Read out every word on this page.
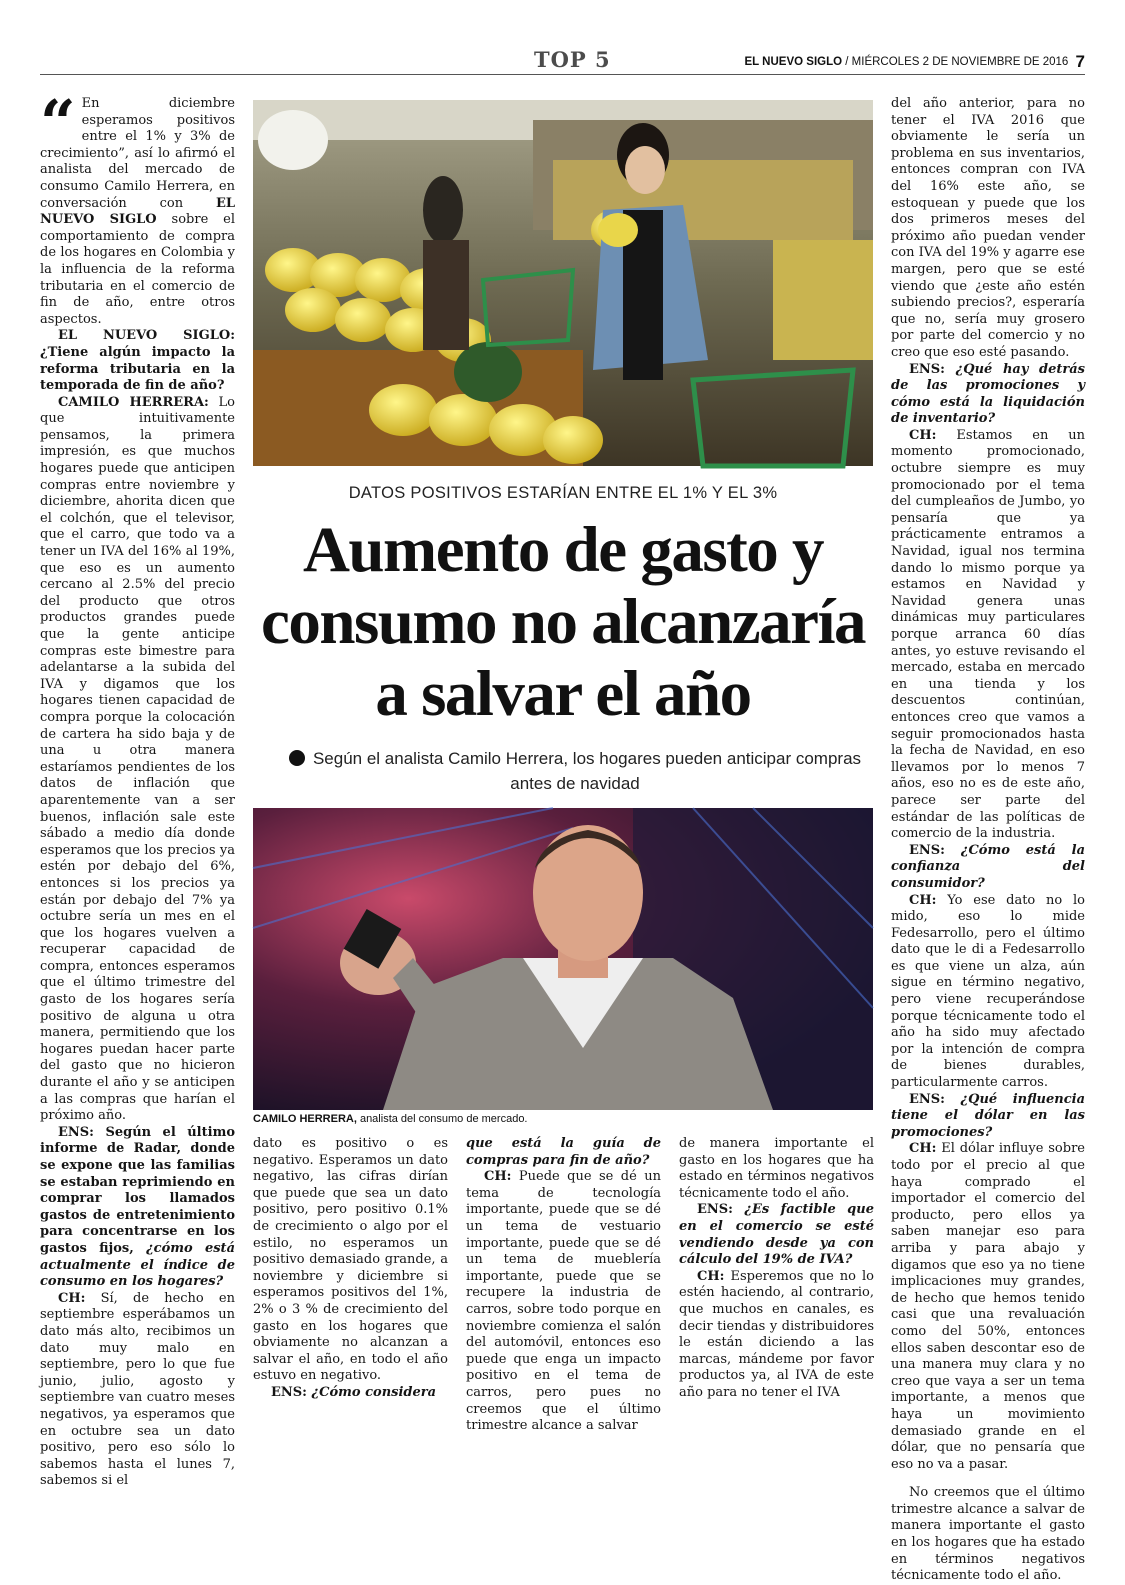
TOP 5	EL NUEVO SIGLO / MIÉRCOLES 2 DE NOVIEMBRE DE 2016 7

“ En diciembre esperamos positivos entre el 1% y 3% de crecimiento”, así lo afirmó el analista del mercado de consumo Camilo Herrera, en conversación con EL NUEVO SIGLO sobre el comportamiento de compra de los hogares en Colombia y la influencia de la reforma tributaria en el comercio de fin de año, entre otros aspectos.

EL NUEVO SIGLO: ¿Tiene algún impacto la reforma tributaria en la temporada de fin de año?

CAMILO HERRERA: Lo que intuitivamente pensamos, la primera impresión, es que muchos hogares puede que anticipen compras entre noviembre y diciembre, ahorita dicen que el colchón, que el televisor, que el carro, que todo va a tener un IVA del 16% al 19%, que eso es un aumento cercano al 2.5% del precio del producto que otros productos grandes puede que la gente anticipe compras este bimestre para adelantarse a la subida del IVA y digamos que los hogares tienen capacidad de compra porque la colocación de cartera ha sido baja y de una u otra manera estaríamos pendientes de los datos de inflación que aparentemente van a ser buenos, inflación sale este sábado a medio día donde esperamos que los precios ya estén por debajo del 6%, entonces si los precios ya están por debajo del 7% ya octubre sería un mes en el que los hogares vuelven a recuperar capacidad de compra, entonces esperamos que el último trimestre del gasto de los hogares sería positivo de alguna u otra manera, permitiendo que los hogares puedan hacer parte del gasto que no hicieron durante el año y se anticipen a las compras que harían el próximo año.

ENS: Según el último informe de Radar, donde se expone que las familias se estaban reprimiendo en comprar los llamados gastos de entretenimiento para concentrarse en los gastos fijos, ¿cómo está actualmente el índice de consumo en los hogares?

CH: Sí, de hecho en septiembre esperábamos un dato más alto, recibimos un dato muy malo en septiembre, pero lo que fue junio, julio, agosto y septiembre van cuatro meses negativos, ya esperamos que en octubre sea un dato positivo, pero eso sólo lo sabemos hasta el lunes 7, sabemos si el

DATOS POSITIVOS ESTARÍAN ENTRE EL 1% Y EL 3%
Aumento de gasto y consumo no alcanzaría a salvar el año
Según el analista Camilo Herrera, los hogares pueden anticipar compras antes de navidad
CAMILO HERRERA, analista del consumo de mercado.

dato es positivo o es negativo. Esperamos un dato negativo, las cifras dirían que puede que sea un dato positivo, pero positivo 0.1% de crecimiento o algo por el estilo, no esperamos un positivo demasiado grande, a noviembre y diciembre si esperamos positivos del 1%, 2% o 3 % de crecimiento del gasto en los hogares que obviamente no alcanzan a salvar el año, en todo el año estuvo en negativo.

ENS: ¿Cómo considera

que está la guía de compras para fin de año?

CH: Puede que se dé un tema de tecnología importante, puede que se dé un tema de vestuario importante, puede que se dé un tema de mueblería importante, puede que se recupere la industria de carros, sobre todo porque en noviembre comienza el salón del automóvil, entonces eso puede que enga un impacto positivo en el tema de carros, pero pues no creemos que el último trimestre alcance a salvar

de manera importante el gasto en los hogares que ha estado en términos negativos técnicamente todo el año.

ENS: ¿Es factible que en el comercio se esté vendiendo desde ya con cálculo del 19% de IVA?

CH: Esperemos que no lo estén haciendo, al contrario, que muchos en canales, es decir tiendas y distribuidores le están diciendo a las marcas, mándeme por favor productos ya, al IVA de este año para no tener el IVA

del año anterior, para no tener el IVA 2016 que obviamente le sería un problema en sus inventarios, entonces compran con IVA del 16% este año, se estoquean y puede que los dos primeros meses del próximo año puedan vender con IVA del 19% y agarre ese margen, pero que se esté viendo que ¿este año estén subiendo precios?, esperaría que no, sería muy grosero por parte del comercio y no creo que eso esté pasando.

ENS: ¿Qué hay detrás de las promociones y cómo está la liquidación de inventario?

CH: Estamos en un momento promocionado, octubre siempre es muy promocionado por el tema del cumpleaños de Jumbo, yo pensaría que ya prácticamente entramos a Navidad, igual nos termina dando lo mismo porque ya estamos en Navidad y Navidad genera unas dinámicas muy particulares porque arranca 60 días antes, yo estuve revisando el mercado, estaba en mercado en una tienda y los descuentos continúan, entonces creo que vamos a seguir promocionados hasta la fecha de Navidad, en eso llevamos por lo menos 7 años, eso no es de este año, parece ser parte del estándar de las políticas de comercio de la industria.

ENS: ¿Cómo está la confianza del consumidor?

CH: Yo ese dato no lo mido, eso lo mide Fedesarrollo, pero el último dato que le di a Fedesarrollo es que viene un alza, aún sigue en término negativo, pero viene recuperándose porque técnicamente todo el año ha sido muy afectado por la intención de compra de bienes durables, particularmente carros.

ENS: ¿Qué influencia tiene el dólar en las promociones?

CH: El dólar influye sobre todo por el precio al que haya comprado el importador el comercio del producto, pero ellos ya saben manejar eso para arriba y para abajo y digamos que eso ya no tiene implicaciones muy grandes, de hecho que hemos tenido casi que una revaluación como del 50%, entonces ellos saben descontar eso de una manera muy clara y no creo que vaya a ser un tema importante, a menos que haya un movimiento demasiado grande en el dólar, que no pensaría que eso no va a pasar.

No creemos que el último trimestre alcance a salvar de manera importante el gasto en los hogares que ha estado en términos negativos técnicamente todo el año.
